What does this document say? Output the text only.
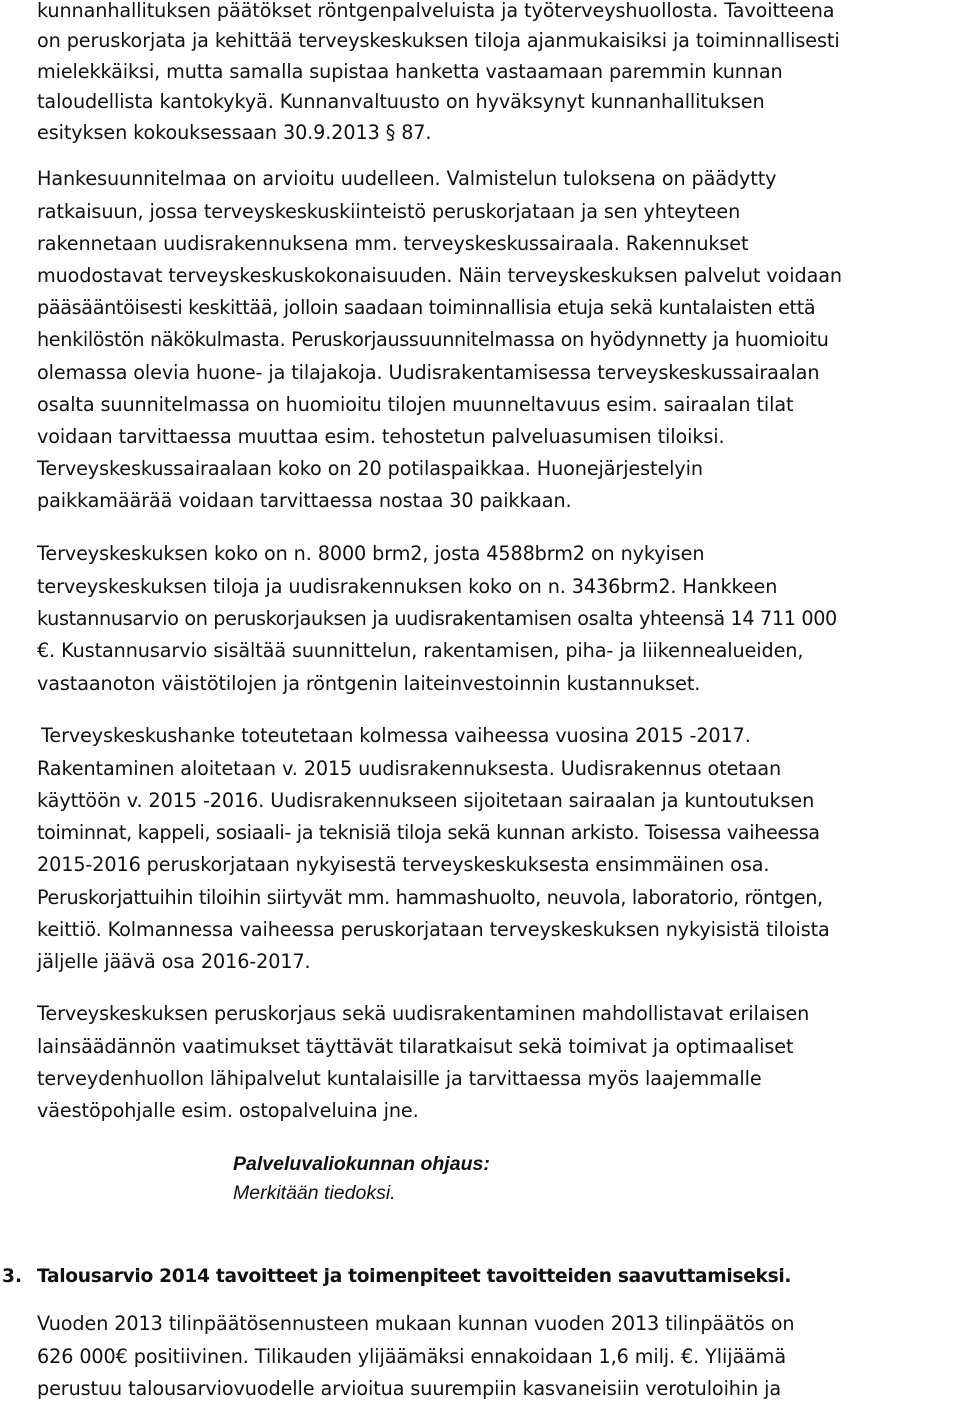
kunnanhallituksen päätökset röntgenpalveluista ja työterveyshuollosta. Tavoitteena
on peruskorjata ja kehittää terveyskeskuksen tiloja ajanmukaisiksi ja toiminnallisesti
mielekkäiksi, mutta samalla supistaa hanketta vastaamaan paremmin kunnan
taloudellista kantokykyä. Kunnanvaltuusto on hyväksynyt kunnanhallituksen
esityksen kokouksessaan 30.9.2013 § 87.
Hankesuunnitelmaa on arvioitu uudelleen. Valmistelun tuloksena on päädytty
ratkaisuun, jossa terveyskeskuskiinteistö peruskorjataan ja sen yhteyteen
rakennetaan uudisrakennuksena mm. terveyskeskussairaala. Rakennukset
muodostavat terveyskeskuskokonaisuuden. Näin terveyskeskuksen palvelut voidaan
pääsääntöisesti keskittää, jolloin saadaan toiminnallisia etuja sekä kuntalaisten että
henkilöstön näkökulmasta. Peruskorjaussuunnitelmassa on hyödynnetty ja huomioitu
olemassa olevia huone- ja tilajakoja. Uudisrakentamisessa terveyskeskussairaalan
osalta suunnitelmassa on huomioitu tilojen muunneltavuus esim. sairaalan tilat
voidaan tarvittaessa muuttaa esim. tehostetun palveluasumisen tiloiksi.
Terveyskeskussairaalaan koko on 20 potilaspaikkaa. Huonejärjestelyin
paikkamäärää voidaan tarvittaessa nostaa 30 paikkaan.
Terveyskeskuksen koko on n. 8000 brm2, josta 4588brm2 on nykyisen
terveyskeskuksen tiloja ja uudisrakennuksen koko on n. 3436brm2. Hankkeen
kustannusarvio on peruskorjauksen ja uudisrakentamisen osalta yhteensä 14 711 000
€. Kustannusarvio sisältää suunnittelun, rakentamisen, piha- ja liikennealueiden,
vastaanoton väistötilojen ja röntgenin laiteinvestoinnin kustannukset.
Terveyskeskushanke toteutetaan kolmessa vaiheessa vuosina 2015 -2017.
Rakentaminen aloitetaan v. 2015 uudisrakennuksesta. Uudisrakennus otetaan
käyttöön v. 2015 -2016. Uudisrakennukseen sijoitetaan sairaalan ja kuntoutuksen
toiminnat, kappeli, sosiaali- ja teknisiä tiloja sekä kunnan arkisto. Toisessa vaiheessa
2015-2016 peruskorjataan nykyisestä terveyskeskuksesta ensimmäinen osa.
Peruskorjattuihin tiloihin siirtyvät mm. hammashuolto, neuvola, laboratorio, röntgen,
keittiö. Kolmannessa vaiheessa peruskorjataan terveyskeskuksen nykyisistä tiloista
jäljelle jäävä osa 2016-2017.
Terveyskeskuksen peruskorjaus sekä uudisrakentaminen mahdollistavat erilaisen
lainsäädännön vaatimukset täyttävät tilaratkaisut sekä toimivat ja optimaaliset
terveydenhuollon lähipalvelut kuntalaisille ja tarvittaessa myös laajemmalle
väestöpohjalle esim. ostopalveluina jne.
Palveluvaliokunnan ohjaus:
Merkitään tiedoksi.
3. Talousarvio 2014 tavoitteet ja toimenpiteet tavoitteiden saavuttamiseksi.
Vuoden 2013 tilinpäätösennusteen mukaan kunnan vuoden 2013 tilinpäätös on
626 000€ positiivinen. Tilikauden ylijäämäksi ennakoidaan 1,6 milj. €. Ylijäämä
perustuu talousarviovuodelle arvioitua suurempiin kasvaneisiin verotuloihin ja
